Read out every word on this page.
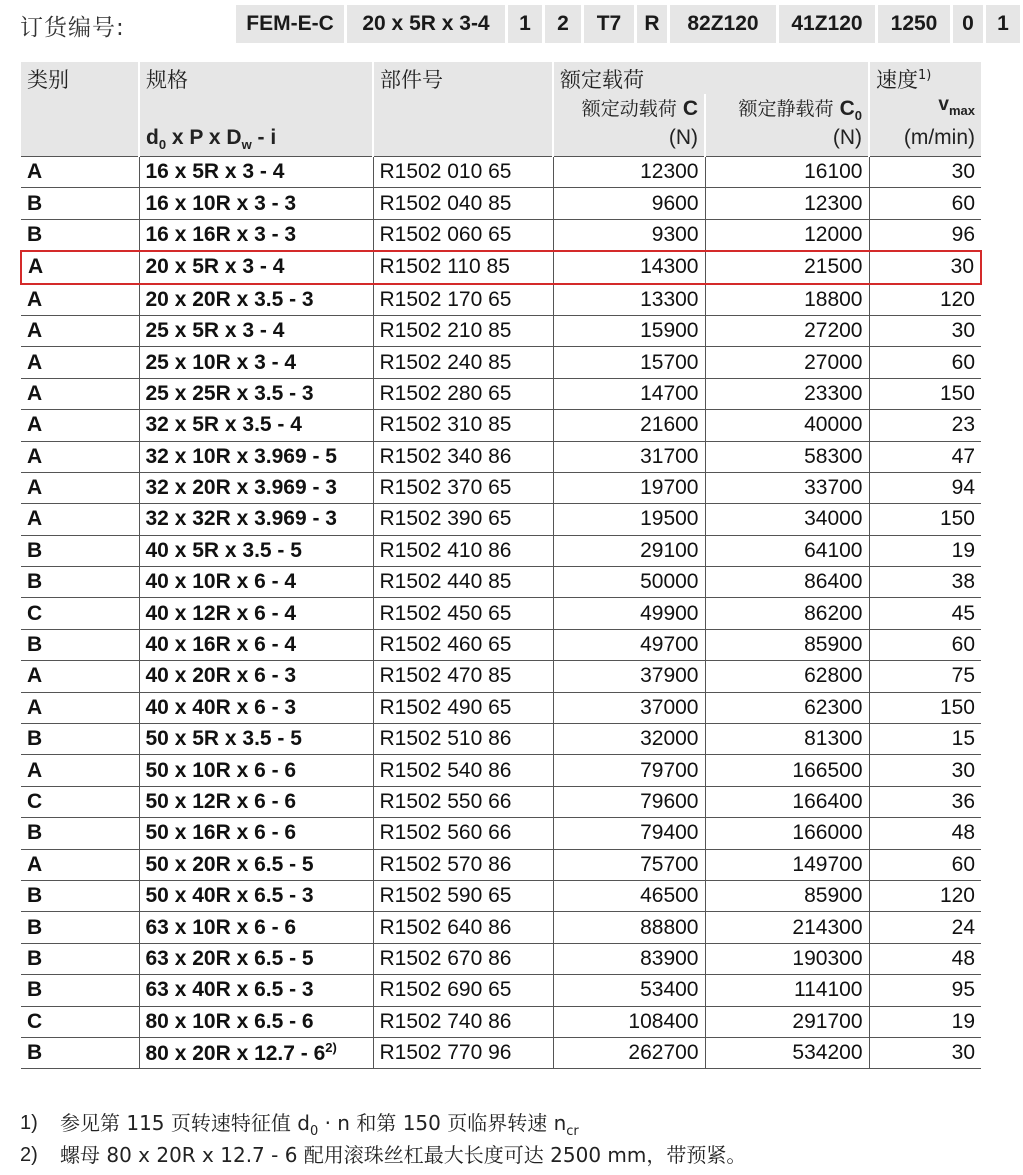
订货编号:	FEM-E-C	20 x 5R x 3-4	1	2	T7	R	82Z120	41Z120	1250	0	1
类别	规格	部件号	额定载荷		速度$^{1)}$
			额定动载荷 C	额定静载荷 $C_0$	$v_{max}$
	$d_0$ x P x $D_w$ - i		(N)	(N)	(m/min)
A	16 x 5R x 3 - 4	R1502 010 65	12300	16100	30
B	16 x 10R x 3 - 3	R1502 040 85	9600	12300	60
B	16 x 16R x 3 - 3	R1502 060 65	9300	12000	96
A	20 x 5R x 3 - 4	R1502 110 85	14300	21500	30
A	20 x 20R x 3.5 - 3	R1502 170 65	13300	18800	120
A	25 x 5R x 3 - 4	R1502 210 85	15900	27200	30
A	25 x 10R x 3 - 4	R1502 240 85	15700	27000	60
A	25 x 25R x 3.5 - 3	R1502 280 65	14700	23300	150
A	32 x 5R x 3.5 - 4	R1502 310 85	21600	40000	23
A	32 x 10R x 3.969 - 5	R1502 340 86	31700	58300	47
A	32 x 20R x 3.969 - 3	R1502 370 65	19700	33700	94
A	32 x 32R x 3.969 - 3	R1502 390 65	19500	34000	150
B	40 x 5R x 3.5 - 5	R1502 410 86	29100	64100	19
B	40 x 10R x 6 - 4	R1502 440 85	50000	86400	38
C	40 x 12R x 6 - 4	R1502 450 65	49900	86200	45
B	40 x 16R x 6 - 4	R1502 460 65	49700	85900	60
A	40 x 20R x 6 - 3	R1502 470 85	37900	62800	75
A	40 x 40R x 6 - 3	R1502 490 65	37000	62300	150
B	50 x 5R x 3.5 - 5	R1502 510 86	32000	81300	15
A	50 x 10R x 6 - 6	R1502 540 86	79700	166500	30
C	50 x 12R x 6 - 6	R1502 550 66	79600	166400	36
B	50 x 16R x 6 - 6	R1502 560 66	79400	166000	48
A	50 x 20R x 6.5 - 5	R1502 570 86	75700	149700	60
B	50 x 40R x 6.5 - 3	R1502 590 65	46500	85900	120
B	63 x 10R x 6 - 6	R1502 640 86	88800	214300	24
B	63 x 20R x 6.5 - 5	R1502 670 86	83900	190300	48
B	63 x 40R x 6.5 - 3	R1502 690 65	53400	114100	95
C	80 x 10R x 6.5 - 6	R1502 740 86	108400	291700	19
B	80 x 20R x 12.7 - 6$^{2)}$	R1502 770 96	262700	534200	30
1)	参见第 115 页转速特征值 $d_0 \cdot n$ 和第 150 页临界转速 $n_{cr}$
2)	螺母 80 x 20R x 12.7 - 6 配用滚珠丝杠最大长度可达 2500 mm，带预紧。
